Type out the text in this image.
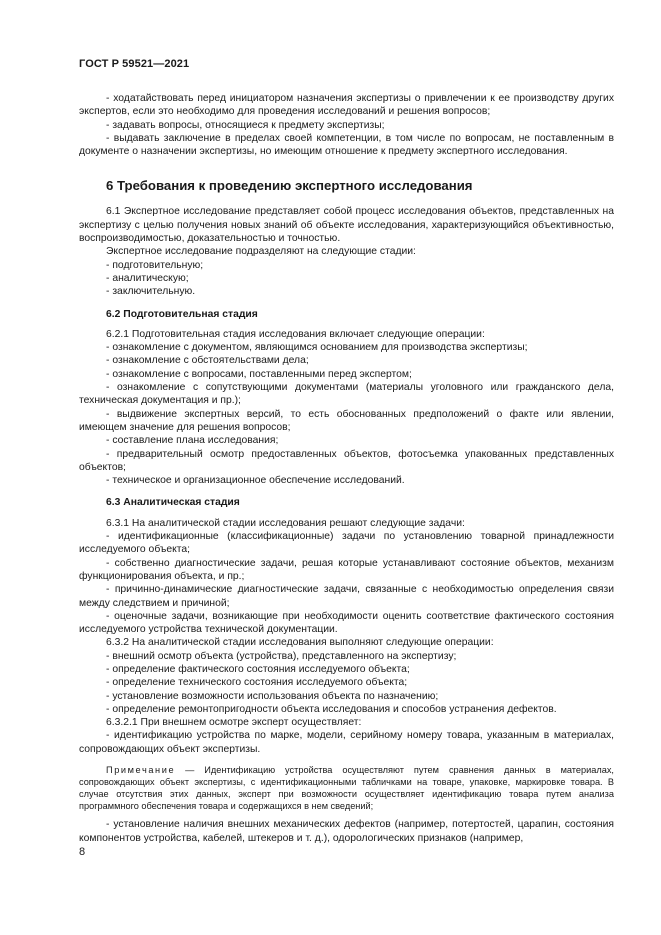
ГОСТ Р 59521—2021

- ходатайствовать перед инициатором назначения экспертизы о привлечении к ее производству других экспертов, если это необходимо для проведения исследований и решения вопросов;

- задавать вопросы, относящиеся к предмету экспертизы;

- выдавать заключение в пределах своей компетенции, в том числе по вопросам, не поставленным в документе о назначении экспертизы, но имеющим отношение к предмету экспертного исследования.

6 Требования к проведению экспертного исследования

6.1 Экспертное исследование представляет собой процесс исследования объектов, представленных на экспертизу с целью получения новых знаний об объекте исследования, характеризующийся объективностью, воспроизводимостью, доказательностью и точностью.

Экспертное исследование подразделяют на следующие стадии:

- подготовительную;

- аналитическую;

- заключительную.

6.2 Подготовительная стадия

6.2.1 Подготовительная стадия исследования включает следующие операции:

- ознакомление с документом, являющимся основанием для производства экспертизы;

- ознакомление с обстоятельствами дела;

- ознакомление с вопросами, поставленными перед экспертом;

- ознакомление с сопутствующими документами (материалы уголовного или гражданского дела, техническая документация и пр.);

- выдвижение экспертных версий, то есть обоснованных предположений о факте или явлении, имеющем значение для решения вопросов;

- составление плана исследования;

- предварительный осмотр предоставленных объектов, фотосъемка упакованных представленных объектов;

- техническое и организационное обеспечение исследований.

6.3 Аналитическая стадия

6.3.1 На аналитической стадии исследования решают следующие задачи:

- идентификационные (классификационные) задачи по установлению товарной принадлежности исследуемого объекта;

- собственно диагностические задачи, решая которые устанавливают состояние объектов, механизм функционирования объекта, и пр.;

- причинно-динамические диагностические задачи, связанные с необходимостью определения связи между следствием и причиной;

- оценочные задачи, возникающие при необходимости оценить соответствие фактического состояния исследуемого устройства технической документации.

6.3.2 На аналитической стадии исследования выполняют следующие операции:

- внешний осмотр объекта (устройства), представленного на экспертизу;

- определение фактического состояния исследуемого объекта;

- определение технического состояния исследуемого объекта;

- установление возможности использования объекта по назначению;

- определение ремонтопригодности объекта исследования и способов устранения дефектов.

6.3.2.1 При внешнем осмотре эксперт осуществляет:

- идентификацию устройства по марке, модели, серийному номеру товара, указанным в материалах, сопровождающих объект экспертизы.

Примечание — Идентификацию устройства осуществляют путем сравнения данных в материалах, сопровождающих объект экспертизы, с идентификационными табличками на товаре, упаковке, маркировке товара. В случае отсутствия этих данных, эксперт при возможности осуществляет идентификацию товара путем анализа программного обеспечения товара и содержащихся в нем сведений;

- установление наличия внешних механических дефектов (например, потертостей, царапин, состояния компонентов устройства, кабелей, штекеров и т. д.), одорологических признаков (например,

8
